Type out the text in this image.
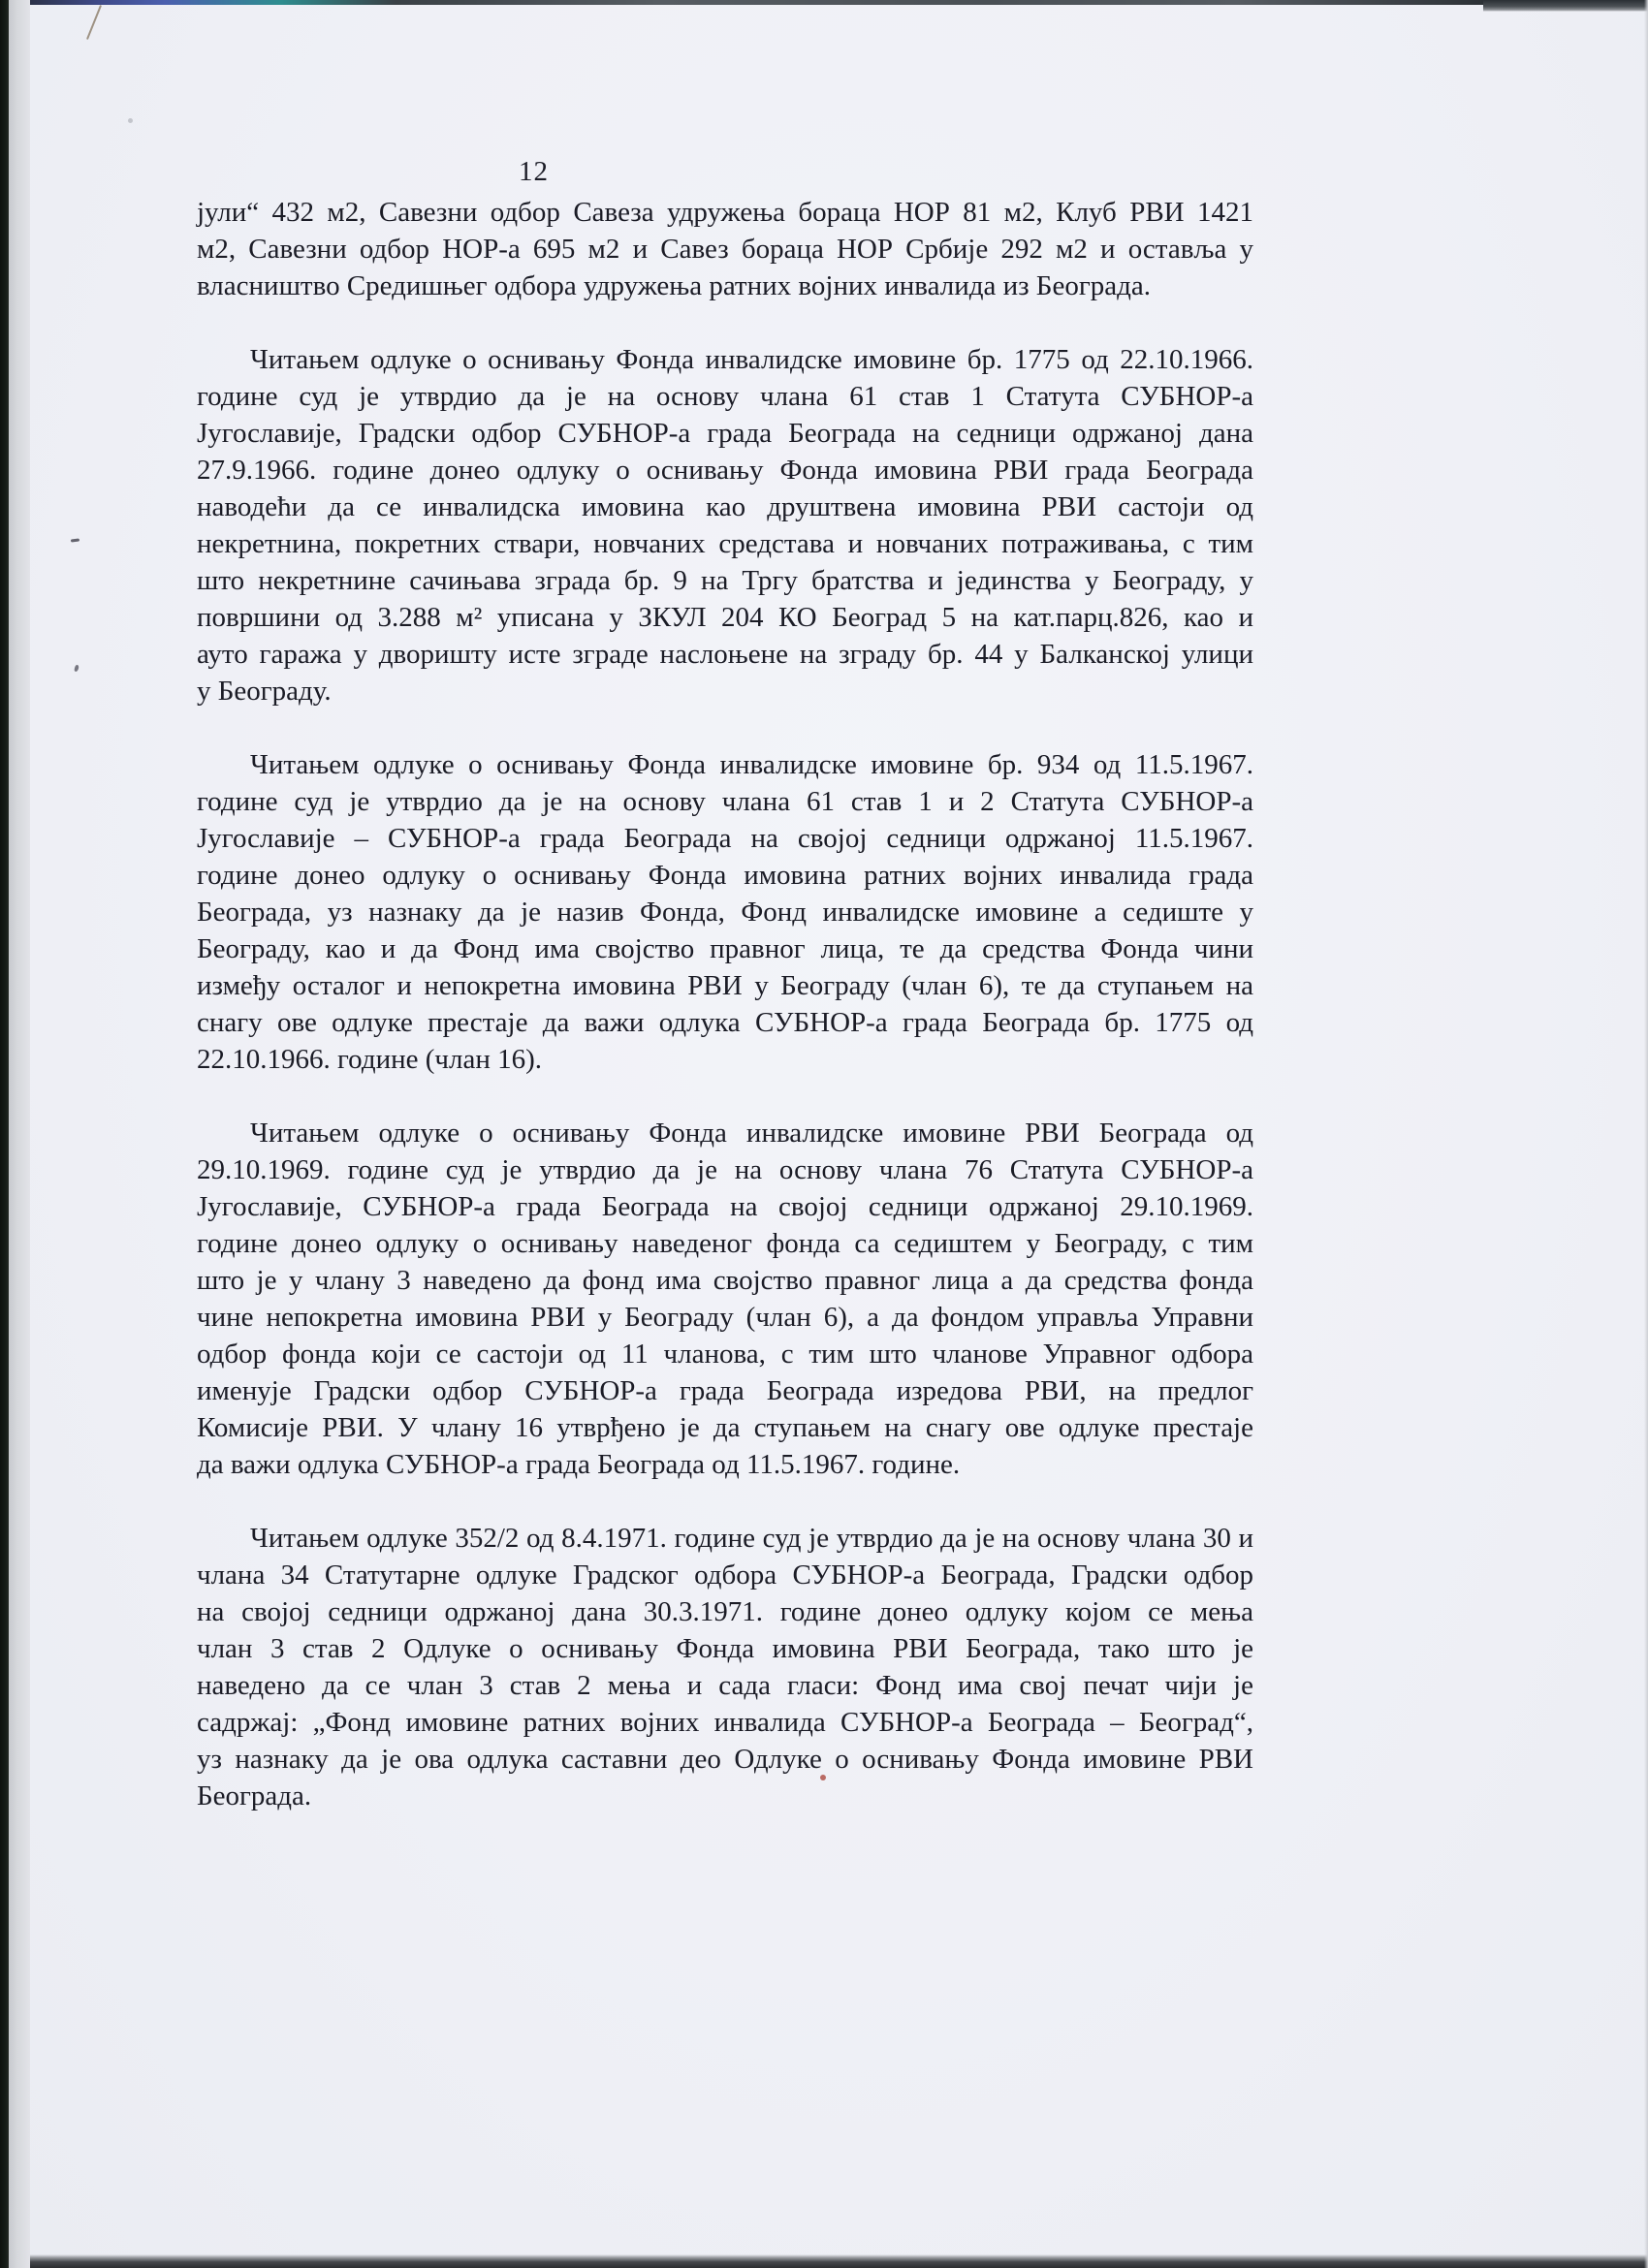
12
јули“ 432 м2, Савезни одбор Савеза удружења бораца НОР 81 м2, Клуб РВИ 1421
м2, Савезни одбор НОР-а 695 м2 и Савез бораца НОР Србије 292 м2 и оставља у
власништво Средишњег одбора удружења ратних војних инвалида из Београда.
Читањем одлуке о оснивању Фонда инвалидске имовине бр. 1775 од 22.10.1966.
године суд је утврдио да је на основу члана 61 став 1 Статута СУБНОР-а
Југославије, Градски одбор СУБНОР-а града Београда на седници одржаној дана
27.9.1966. године донео одлуку о оснивању Фонда имовина РВИ града Београда
наводећи да се инвалидска имовина као друштвена имовина РВИ састоји од
некретнина, покретних ствари, новчаних средстава и новчаних потраживања, с тим
што некретнине сачињава зграда бр. 9 на Тргу братства и јединства у Београду, у
површини од 3.288 м² уписана у ЗКУЛ 204 КО Београд 5 на кат.парц.826, као и
ауто гаража у дворишту исте зграде наслоњене на зграду бр. 44 у Балканској улици
у Београду.
Читањем одлуке о оснивању Фонда инвалидске имовине бр. 934 од 11.5.1967.
године суд је утврдио да је на основу члана 61 став 1 и 2 Статута СУБНОР-а
Југославије – СУБНОР-а града Београда на својој седници одржаној 11.5.1967.
године донео одлуку о оснивању Фонда имовина ратних војних инвалида града
Београда, уз назнаку да је назив Фонда, Фонд инвалидске имовине а седиште у
Београду, као и да Фонд има својство правног лица, те да средства Фонда чини
између осталог и непокретна имовина РВИ у Београду (члан 6), те да ступањем на
снагу ове одлуке престаје да важи одлука СУБНОР-а града Београда бр. 1775 од
22.10.1966. године (члан 16).
Читањем одлуке о оснивању Фонда инвалидске имовине РВИ Београда од
29.10.1969. године суд је утврдио да је на основу члана 76 Статута СУБНОР-а
Југославије, СУБНОР-а града Београда на својој седници одржаној 29.10.1969.
године донео одлуку о оснивању наведеног фонда са седиштем у Београду, с тим
што је у члану 3 наведено да фонд има својство правног лица а да средства фонда
чине непокретна имовина РВИ у Београду (члан 6), а да фондом управља Управни
одбор фонда који се састоји од 11 чланова, с тим што чланове Управног одбора
именује Градски одбор СУБНОР-а града Београда изредова РВИ, на предлог
Комисије РВИ. У члану 16 утврђено је да ступањем на снагу ове одлуке престаје
да важи одлука СУБНОР-а града Београда од 11.5.1967. године.
Читањем одлуке 352/2 од 8.4.1971. године суд је утврдио да је на основу члана 30 и
члана 34 Статутарне одлуке Градског одбора СУБНОР-а Београда, Градски одбор
на својој седници одржаној дана 30.3.1971. године донео одлуку којом се мења
члан 3 став 2 Одлуке о оснивању Фонда имовина РВИ Београда, тако што је
наведено да се члан 3 став 2 мења и сада гласи: Фонд има свој печат чији је
садржај: „Фонд имовине ратних војних инвалида СУБНОР-а Београда – Београд“,
уз назнаку да је ова одлука саставни део Одлуке о оснивању Фонда имовине РВИ
Београда.
